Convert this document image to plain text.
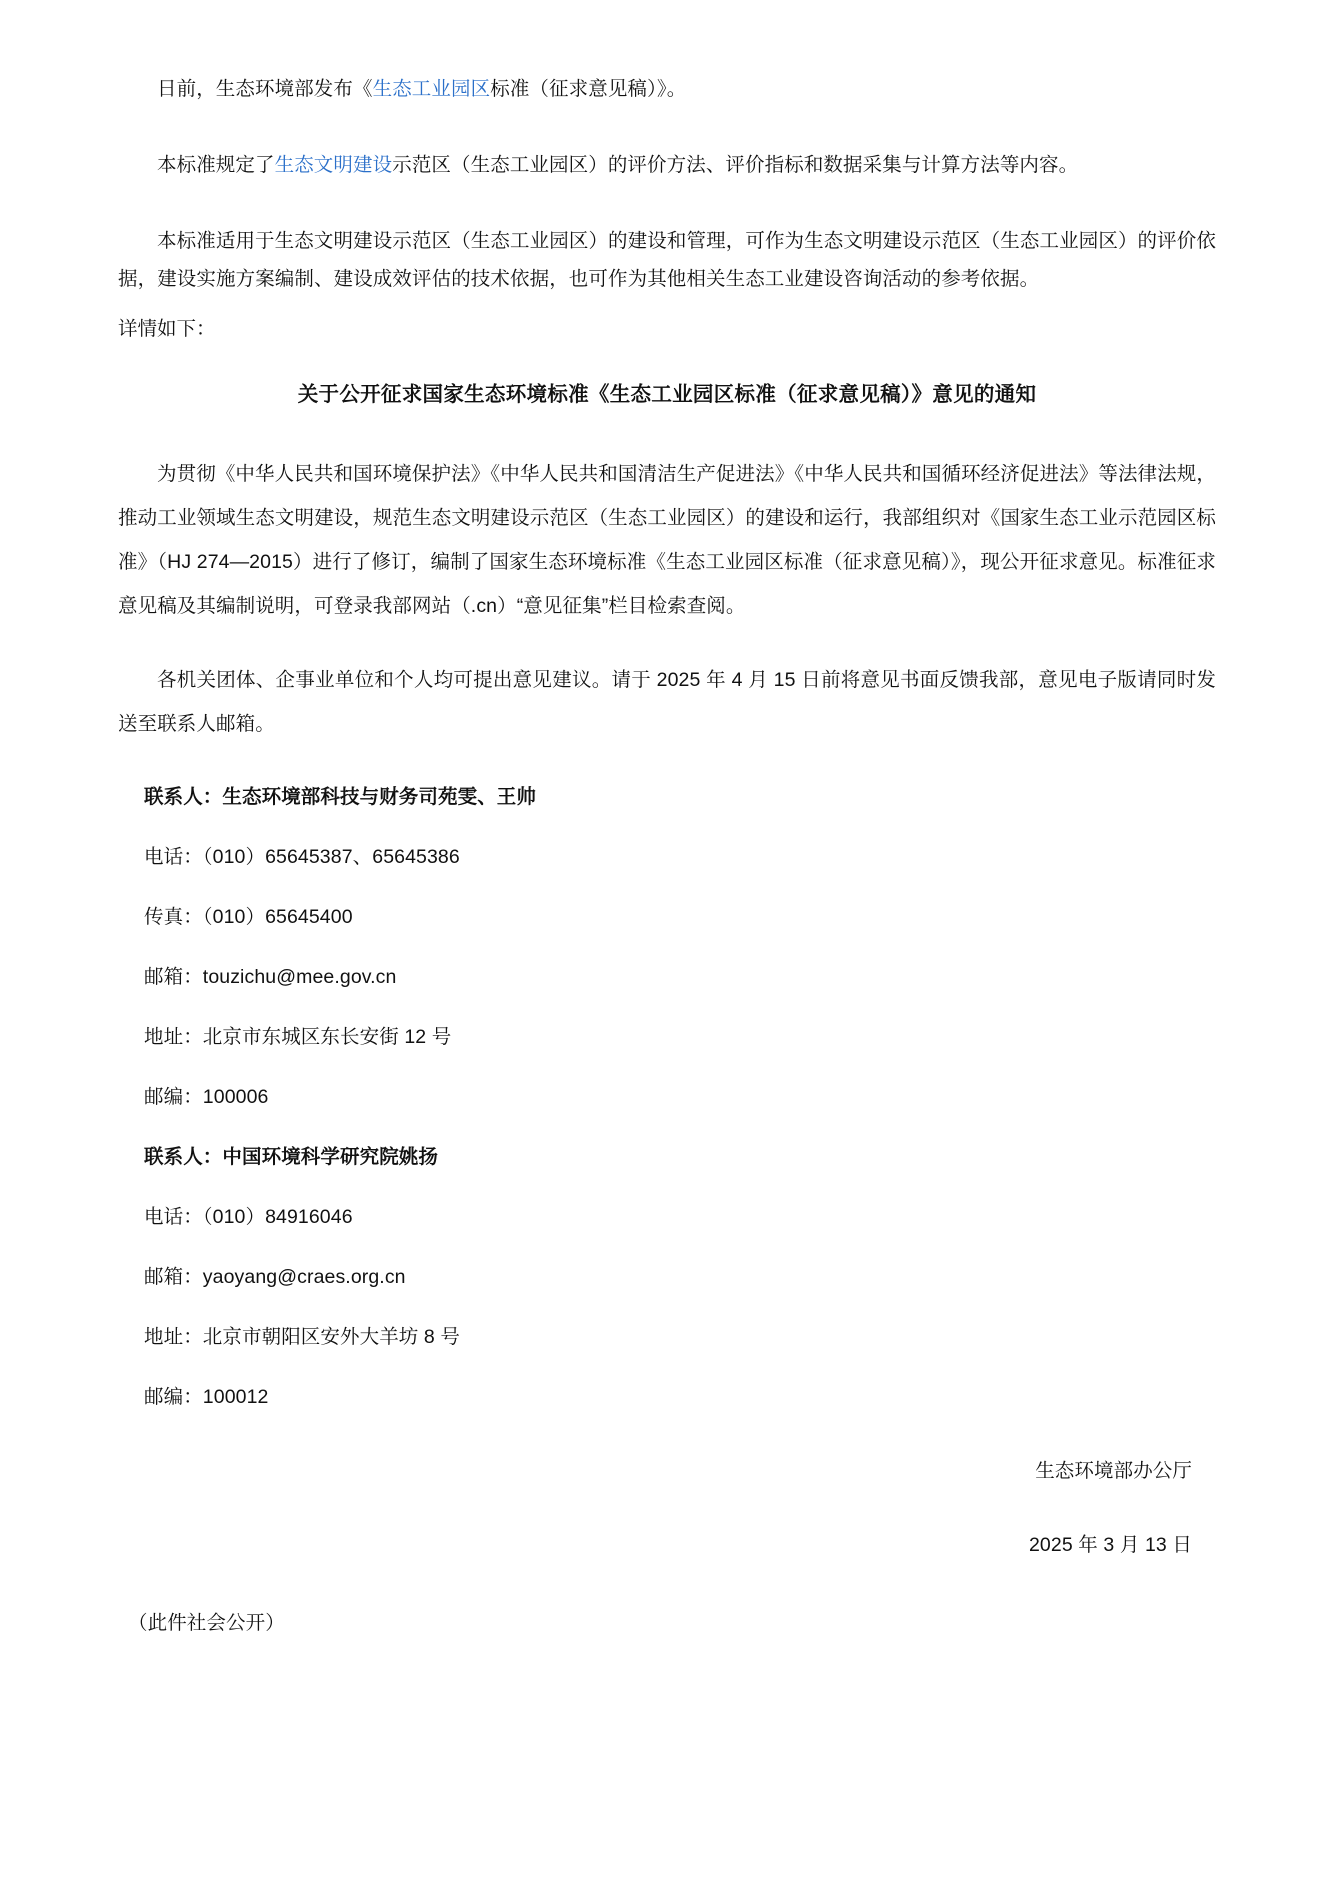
日前，生态环境部发布《生态工业园区标准（征求意见稿）》。

本标准规定了生态文明建设示范区（生态工业园区）的评价方法、评价指标和数据采集与计算方法等内容。

本标准适用于生态文明建设示范区（生态工业园区）的建设和管理，可作为生态文明建设示范区（生态工业园区）的评价依据，建设实施方案编制、建设成效评估的技术依据，也可作为其他相关生态工业建设咨询活动的参考依据。

详情如下：

关于公开征求国家生态环境标准《生态工业园区标准（征求意见稿）》意见的通知

为贯彻《中华人民共和国环境保护法》《中华人民共和国清洁生产促进法》《中华人民共和国循环经济促进法》等法律法规，推动工业领域生态文明建设，规范生态文明建设示范区（生态工业园区）的建设和运行，我部组织对《国家生态工业示范园区标准》（HJ 274—2015）进行了修订，编制了国家生态环境标准《生态工业园区标准（征求意见稿）》，现公开征求意见。标准征求意见稿及其编制说明，可登录我部网站（.cn）“意见征集”栏目检索查阅。

各机关团体、企事业单位和个人均可提出意见建议。请于 2025 年 4 月 15 日前将意见书面反馈我部，意见电子版请同时发送至联系人邮箱。

联系人：生态环境部科技与财务司苑雯、王帅

电话：（010）65645387、65645386

传真：（010）65645400

邮箱：touzichu@mee.gov.cn

地址：北京市东城区东长安街 12 号

邮编：100006

联系人：中国环境科学研究院姚扬

电话：（010）84916046

邮箱：yaoyang@craes.org.cn

地址：北京市朝阳区安外大羊坊 8 号

邮编：100012

生态环境部办公厅

2025 年 3 月 13 日

（此件社会公开）
